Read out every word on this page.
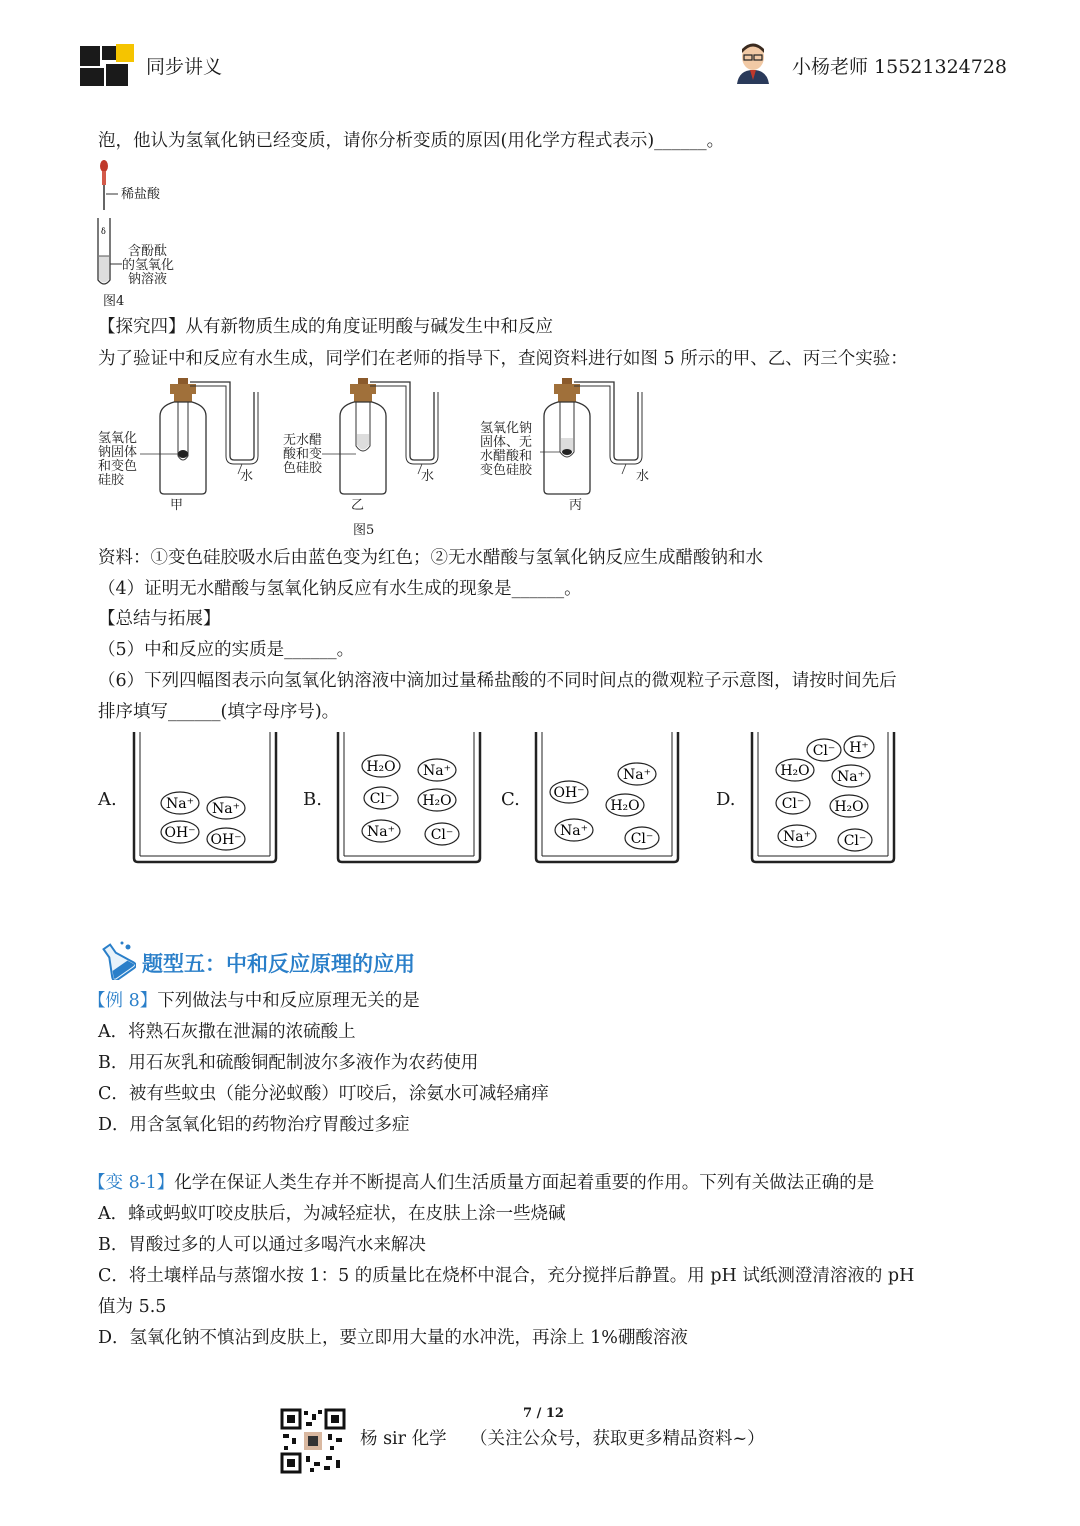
同步讲义	小杨老师 15521324728
泡，他认为氢氧化钠已经变质，请你分析变质的原因(用化学方程式表示)______。
δ
稀盐酸
含酚酞
的氢氧化
钠溶液
图4
【探究四】从有新物质生成的角度证明酸与碱发生中和反应
为了验证中和反应有水生成，同学们在老师的指导下，查阅资料进行如图 5 所示的甲、乙、丙三个实验：
氢氧化
钠固体
和变色
硅胶
无水醋
酸和变
色硅胶
氢氧化钠
固体、无
水醋酸和
变色硅胶
水	水	水
甲	乙	丙
图5
资料：①变色硅胶吸水后由蓝色变为红色；②无水醋酸与氢氧化钠反应生成醋酸钠和水
（4）证明无水醋酸与氢氧化钠反应有水生成的现象是______。
【总结与拓展】
（5）中和反应的实质是______。
（6）下列四幅图表示向氢氧化钠溶液中滴加过量稀盐酸的不同时间点的微观粒子示意图，请按时间先后
排序填写______(填字母序号)。
A.	B.	C.	D.
Na⁺ Na⁺
OH⁻ OH⁻
H₂O Na⁺
Cl⁻ H₂O
Na⁺	Cl⁻
Na⁺
OH⁻
H₂O
Na⁺	Cl⁻
Cl⁻ H⁺
H₂O Na⁺
Cl⁻ H₂O
Na⁺ Cl⁻
题型五：中和反应原理的应用
【例 8】下列做法与中和反应原理无关的是
A．将熟石灰撒在泄漏的浓硫酸上
B．用石灰乳和硫酸铜配制波尔多液作为农药使用
C．被有些蚊虫（能分泌蚁酸）叮咬后，涂氨水可减轻痛痒
D．用含氢氧化铝的药物治疗胃酸过多症
【变 8-1】化学在保证人类生存并不断提高人们生活质量方面起着重要的作用。下列有关做法正确的是
A．蜂或蚂蚁叮咬皮肤后，为减轻症状，在皮肤上涂一些烧碱
B．胃酸过多的人可以通过多喝汽水来解决
C．将土壤样品与蒸馏水按 1：5 的质量比在烧杯中混合，充分搅拌后静置。用 pH 试纸测澄清溶液的 pH
值为 5.5
D．氢氧化钠不慎沾到皮肤上，要立即用大量的水冲洗，再涂上 1%硼酸溶液
7 / 12
杨 sir 化学 （关注公众号，获取更多精品资料~）
